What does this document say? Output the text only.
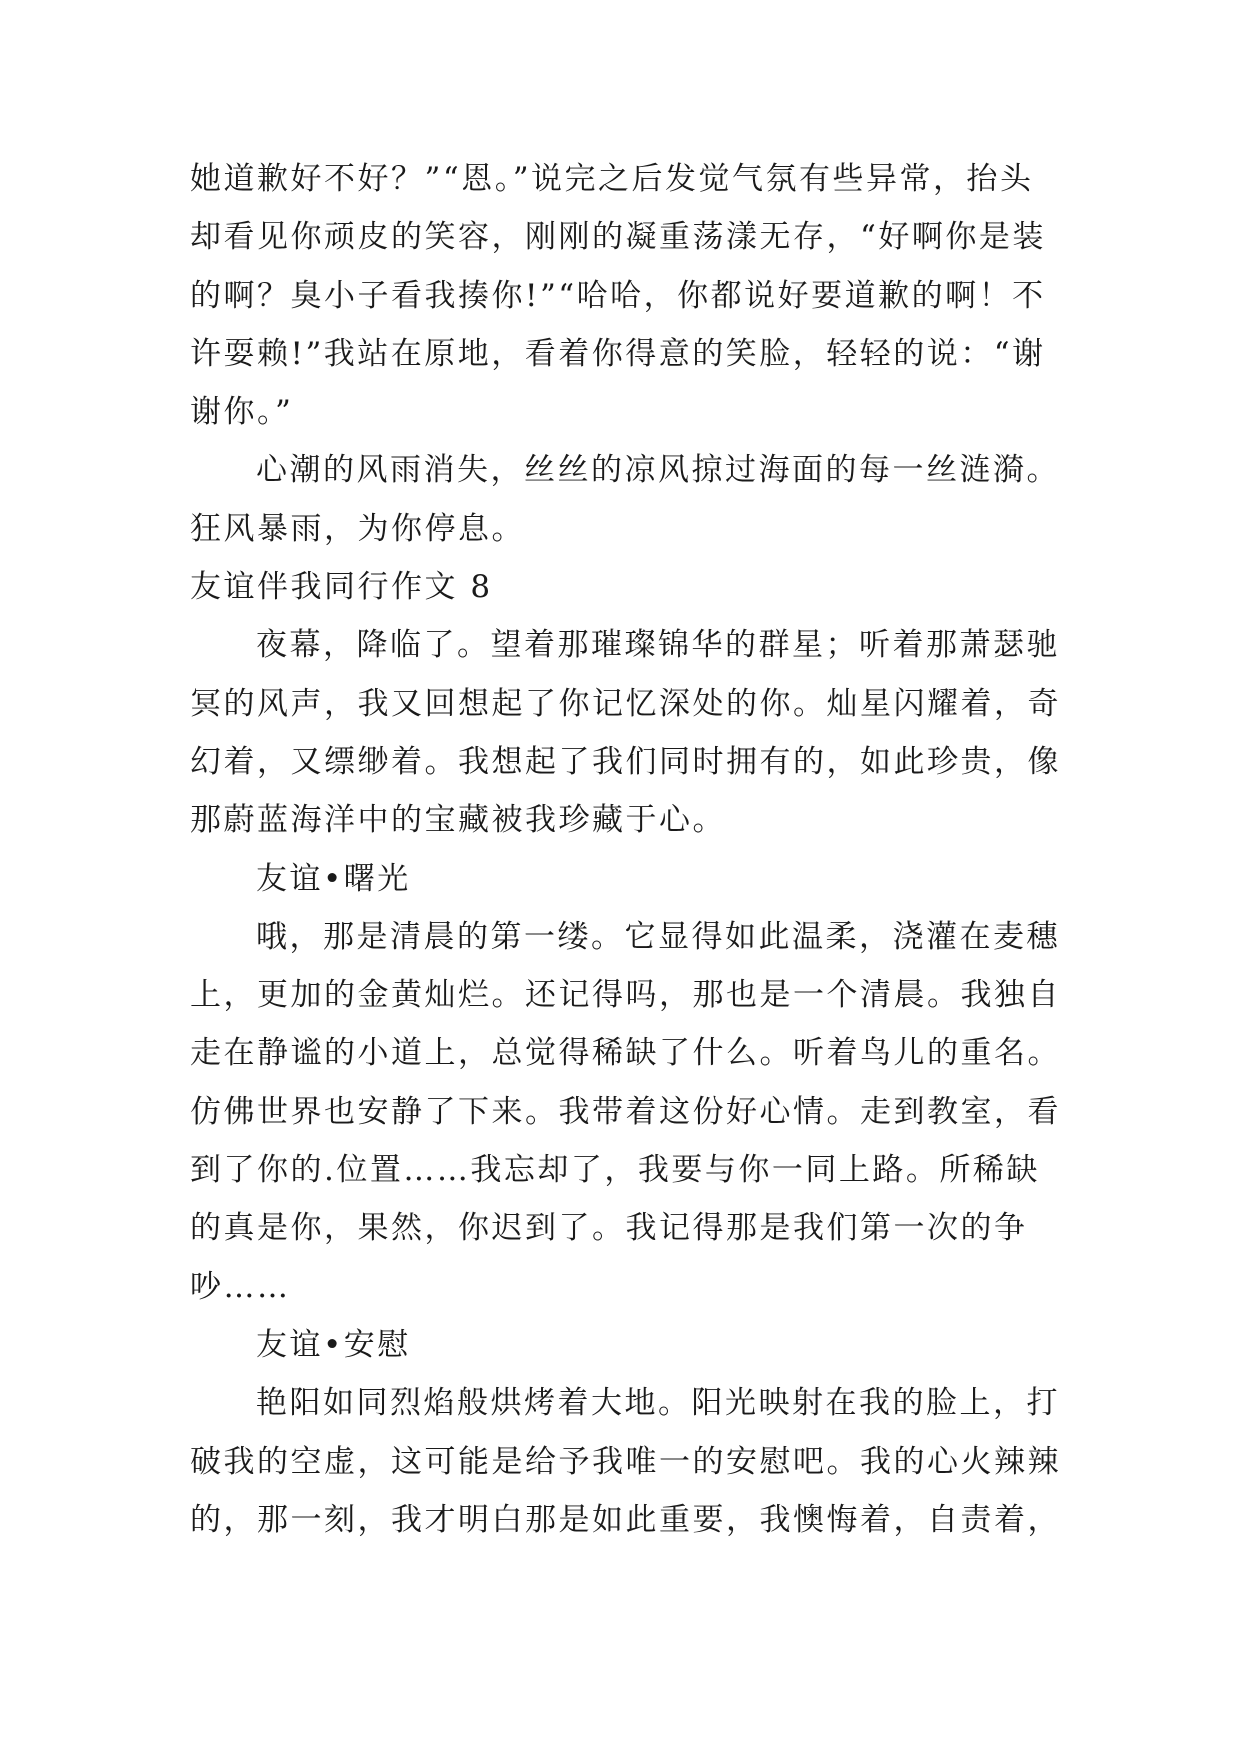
她道歉好不好？”“恩。”说完之后发觉气氛有些异常，抬头
却看见你顽皮的笑容，刚刚的凝重荡漾无存，“好啊你是装
的啊？臭小子看我揍你!”“哈哈，你都说好要道歉的啊！不
许耍赖!”我站在原地，看着你得意的笑脸，轻轻的说：“谢
谢你。”
心潮的风雨消失，丝丝的凉风掠过海面的每一丝涟漪。
狂风暴雨，为你停息。
友谊伴我同行作文 8
夜幕，降临了。望着那璀璨锦华的群星；听着那萧瑟驰
冥的风声，我又回想起了你记忆深处的你。灿星闪耀着，奇
幻着，又缥缈着。我想起了我们同时拥有的，如此珍贵，像
那蔚蓝海洋中的宝藏被我珍藏于心。
友谊•曙光
哦，那是清晨的第一缕。它显得如此温柔，浇灌在麦穗
上，更加的金黄灿烂。还记得吗，那也是一个清晨。我独自
走在静谧的小道上，总觉得稀缺了什么。听着鸟儿的重名。
仿佛世界也安静了下来。我带着这份好心情。走到教室，看
到了你的.位置……我忘却了，我要与你一同上路。所稀缺
的真是你，果然，你迟到了。我记得那是我们第一次的争
吵……
友谊•安慰
艳阳如同烈焰般烘烤着大地。阳光映射在我的脸上，打
破我的空虚，这可能是给予我唯一的安慰吧。我的心火辣辣
的，那一刻，我才明白那是如此重要，我懊悔着，自责着，
